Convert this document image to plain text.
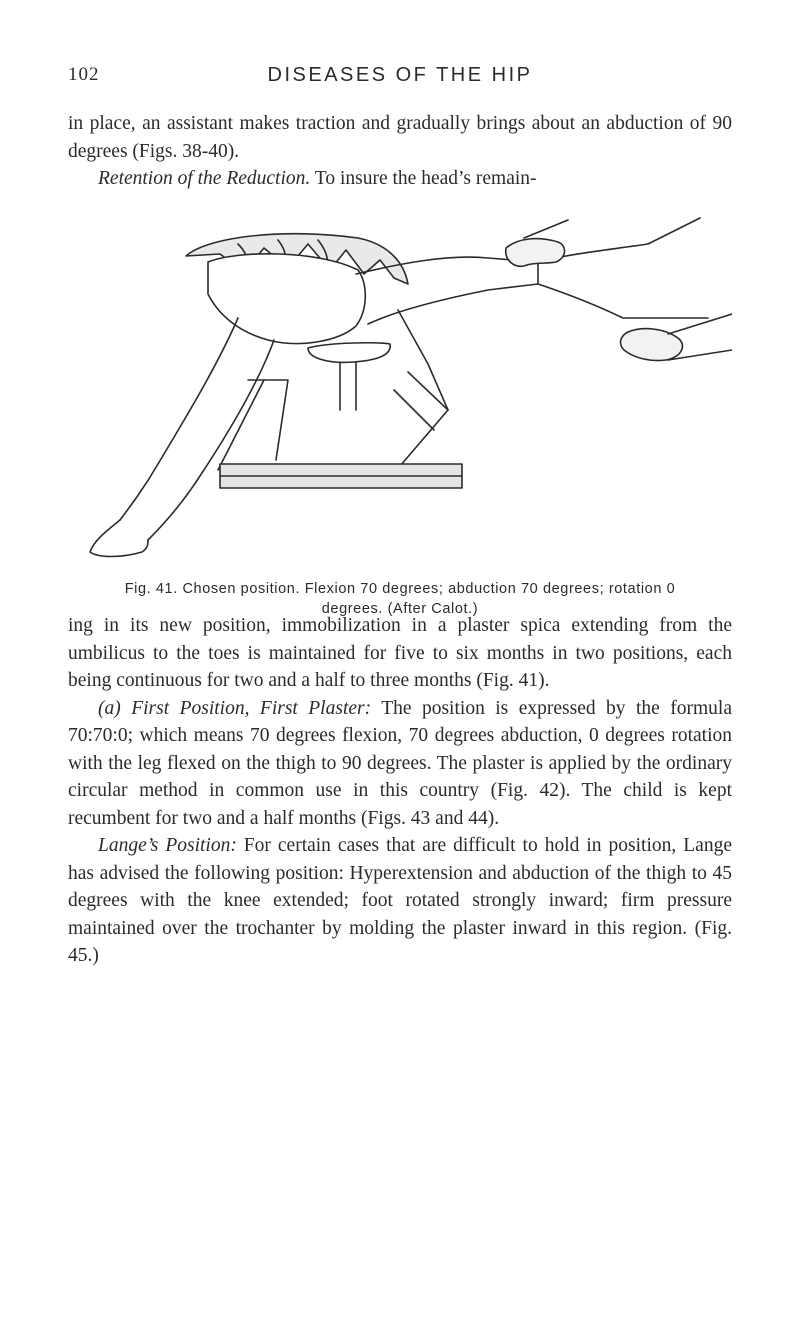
102	DISEASES OF THE HIP

in place, an assistant makes traction and gradually brings about an abduction of 90 degrees (Figs. 38-40).

Retention of the Reduction. To insure the head’s remain-

Fig. 41. Chosen position. Flexion 70 degrees; abduction 70 degrees; rotation 0 degrees. (After Calot.)

ing in its new position, immobilization in a plaster spica extending from the umbilicus to the toes is maintained for five to six months in two positions, each being continuous for two and a half to three months (Fig. 41).

(a) First Position, First Plaster: The position is expressed by the formula 70:70:0; which means 70 degrees flexion, 70 degrees abduction, 0 degrees rotation with the leg flexed on the thigh to 90 degrees. The plaster is applied by the ordinary circular method in common use in this country (Fig. 42). The child is kept recumbent for two and a half months (Figs. 43 and 44).

Lange’s Position: For certain cases that are difficult to hold in position, Lange has advised the following position: Hyperextension and abduction of the thigh to 45 degrees with the knee extended; foot rotated strongly inward; firm pressure maintained over the trochanter by molding the plaster inward in this region. (Fig. 45.)
